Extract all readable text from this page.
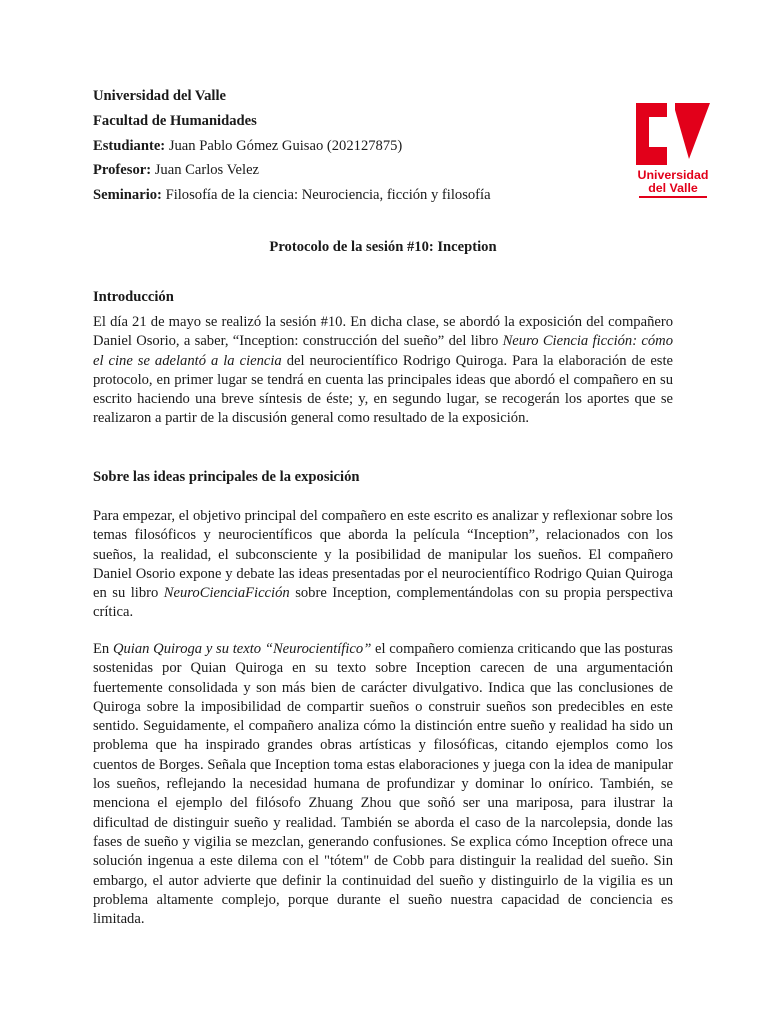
Universidad del Valle
Facultad de Humanidades
Estudiante: Juan Pablo Gómez Guisao (202127875)
Profesor: Juan Carlos Velez
Seminario: Filosofía de la ciencia: Neurociencia, ficción y filosofía
Universidad
del Valle
Protocolo de la sesión #10: Inception
Introducción

El día 21 de mayo se realizó la sesión #10. En dicha clase, se abordó la exposición del compañero Daniel Osorio, a saber, “Inception: construcción del sueño” del libro Neuro Ciencia ficción: cómo el cine se adelantó a la ciencia del neurocientífico Rodrigo Quiroga. Para la elaboración de este protocolo, en primer lugar se tendrá en cuenta las principales ideas que abordó el compañero en su escrito haciendo una breve síntesis de éste; y, en segundo lugar, se recogerán los aportes que se realizaron a partir de la discusión general como resultado de la exposición.

Sobre las ideas principales de la exposición

Para empezar, el objetivo principal del compañero en este escrito es analizar y reflexionar sobre los temas filosóficos y neurocientíficos que aborda la película “Inception”, relacionados con los sueños, la realidad, el subconsciente y la posibilidad de manipular los sueños. El compañero Daniel Osorio expone y debate las ideas presentadas por el neurocientífico Rodrigo Quian Quiroga en su libro NeuroCienciaFicción sobre Inception, complementándolas con su propia perspectiva crítica.

En Quian Quiroga y su texto “Neurocientífico” el compañero comienza criticando que las posturas sostenidas por Quian Quiroga en su texto sobre Inception carecen de una argumentación fuertemente consolidada y son más bien de carácter divulgativo. Indica que las conclusiones de Quiroga sobre la imposibilidad de compartir sueños o construir sueños son predecibles en este sentido. Seguidamente, el compañero analiza cómo la distinción entre sueño y realidad ha sido un problema que ha inspirado grandes obras artísticas y filosóficas, citando ejemplos como los cuentos de Borges. Señala que Inception toma estas elaboraciones y juega con la idea de manipular los sueños, reflejando la necesidad humana de profundizar y dominar lo onírico. También, se menciona el ejemplo del filósofo Zhuang Zhou que soñó ser una mariposa, para ilustrar la dificultad de distinguir sueño y realidad. También se aborda el caso de la narcolepsia, donde las fases de sueño y vigilia se mezclan, generando confusiones. Se explica cómo Inception ofrece una solución ingenua a este dilema con el "tótem" de Cobb para distinguir la realidad del sueño. Sin embargo, el autor advierte que definir la continuidad del sueño y distinguirlo de la vigilia es un problema altamente complejo, porque durante el sueño nuestra capacidad de conciencia es limitada.
